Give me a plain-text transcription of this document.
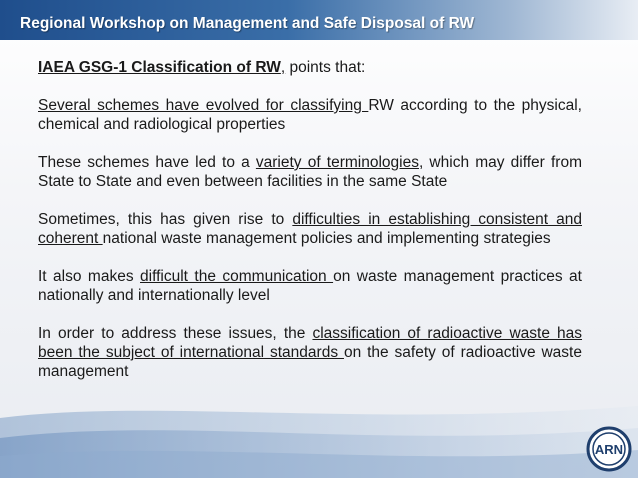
Regional Workshop on Management and Safe Disposal of RW

IAEA GSG-1 Classification of RW, points that:

Several schemes have evolved for classifying RW according to the physical, chemical and radiological properties

These schemes have led to a variety of terminologies, which may differ from State to State and even between facilities in the same State

Sometimes, this has given rise to difficulties in establishing consistent and coherent national waste management policies and implementing strategies

It also makes difficult the communication on waste management practices at nationally and internationally level

In order to address these issues, the classification of radioactive waste has been the subject of international standards on the safety of radioactive waste management

ARN
